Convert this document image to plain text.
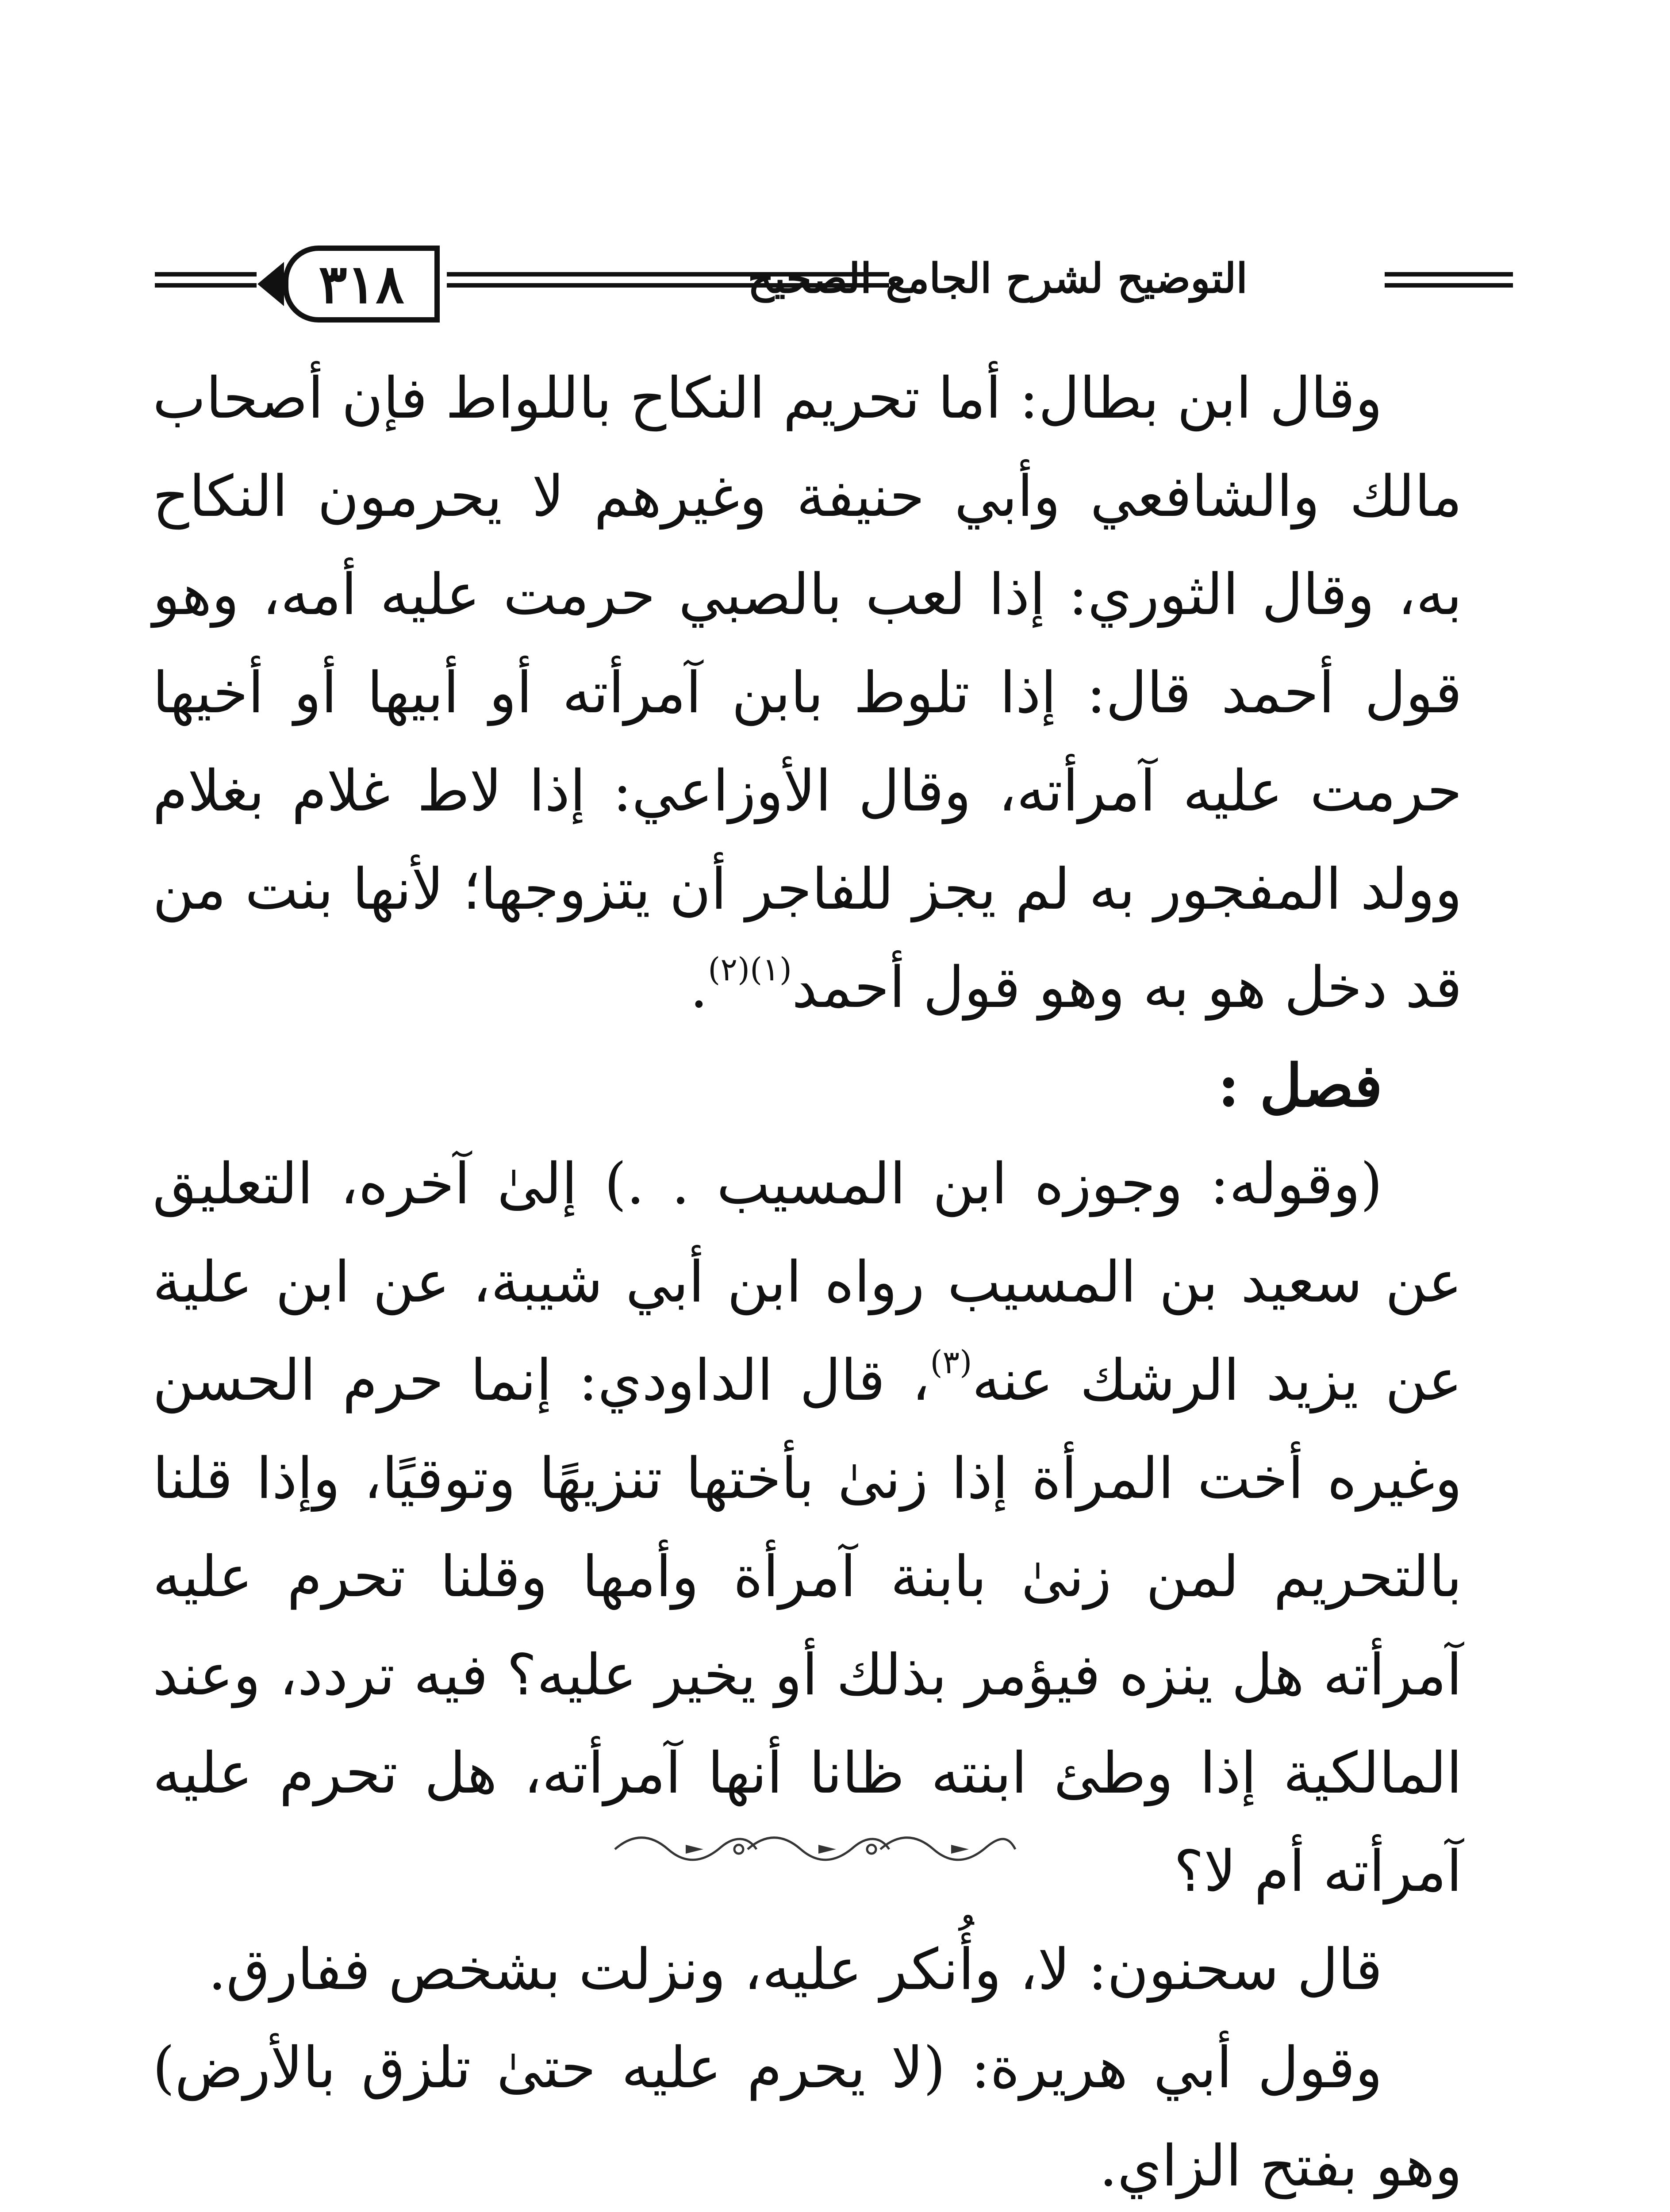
٣١٨	التوضيح لشرح الجامع الصحيح

وقال ابن بطال: أما تحريم النكاح باللواط فإن أصحاب مالك والشافعي وأبي حنيفة وغيرهم لا يحرمون النكاح به، وقال الثوري: إذا لعب بالصبي حرمت عليه أمه، وهو قول أحمد قال: إذا تلوط بابن آمرأته أو أبيها أو أخيها حرمت عليه آمرأته، وقال الأوزاعي: إذا لاط غلام بغلام وولد المفجور به لم يجز للفاجر أن يتزوجها؛ لأنها بنت من قد دخل هو به وهو قول أحمد$^{(١)(٢)}$.

فصل :

(وقوله: وجوزه ابن المسيب . .) إلىٰ آخره، التعليق عن سعيد بن المسيب رواه ابن أبي شيبة، عن ابن علية عن يزيد الرشك عنه$^{(٣)}$، قال الداودي: إنما حرم الحسن وغيره أخت المرأة إذا زنىٰ بأختها تنزيهًا وتوقيًا، وإذا قلنا بالتحريم لمن زنىٰ بابنة آمرأة وأمها وقلنا تحرم عليه آمرأته هل ينزه فيؤمر بذلك أو يخير عليه؟ فيه تردد، وعند المالكية إذا وطئ ابنته ظانا أنها آمرأته، هل تحرم عليه آمرأته أم لا؟

قال سحنون: لا، وأُنكر عليه، ونزلت بشخص ففارق.

وقول أبي هريرة: (لا يحرم عليه حتىٰ تلزق بالأرض) وهو بفتح الزاي.
